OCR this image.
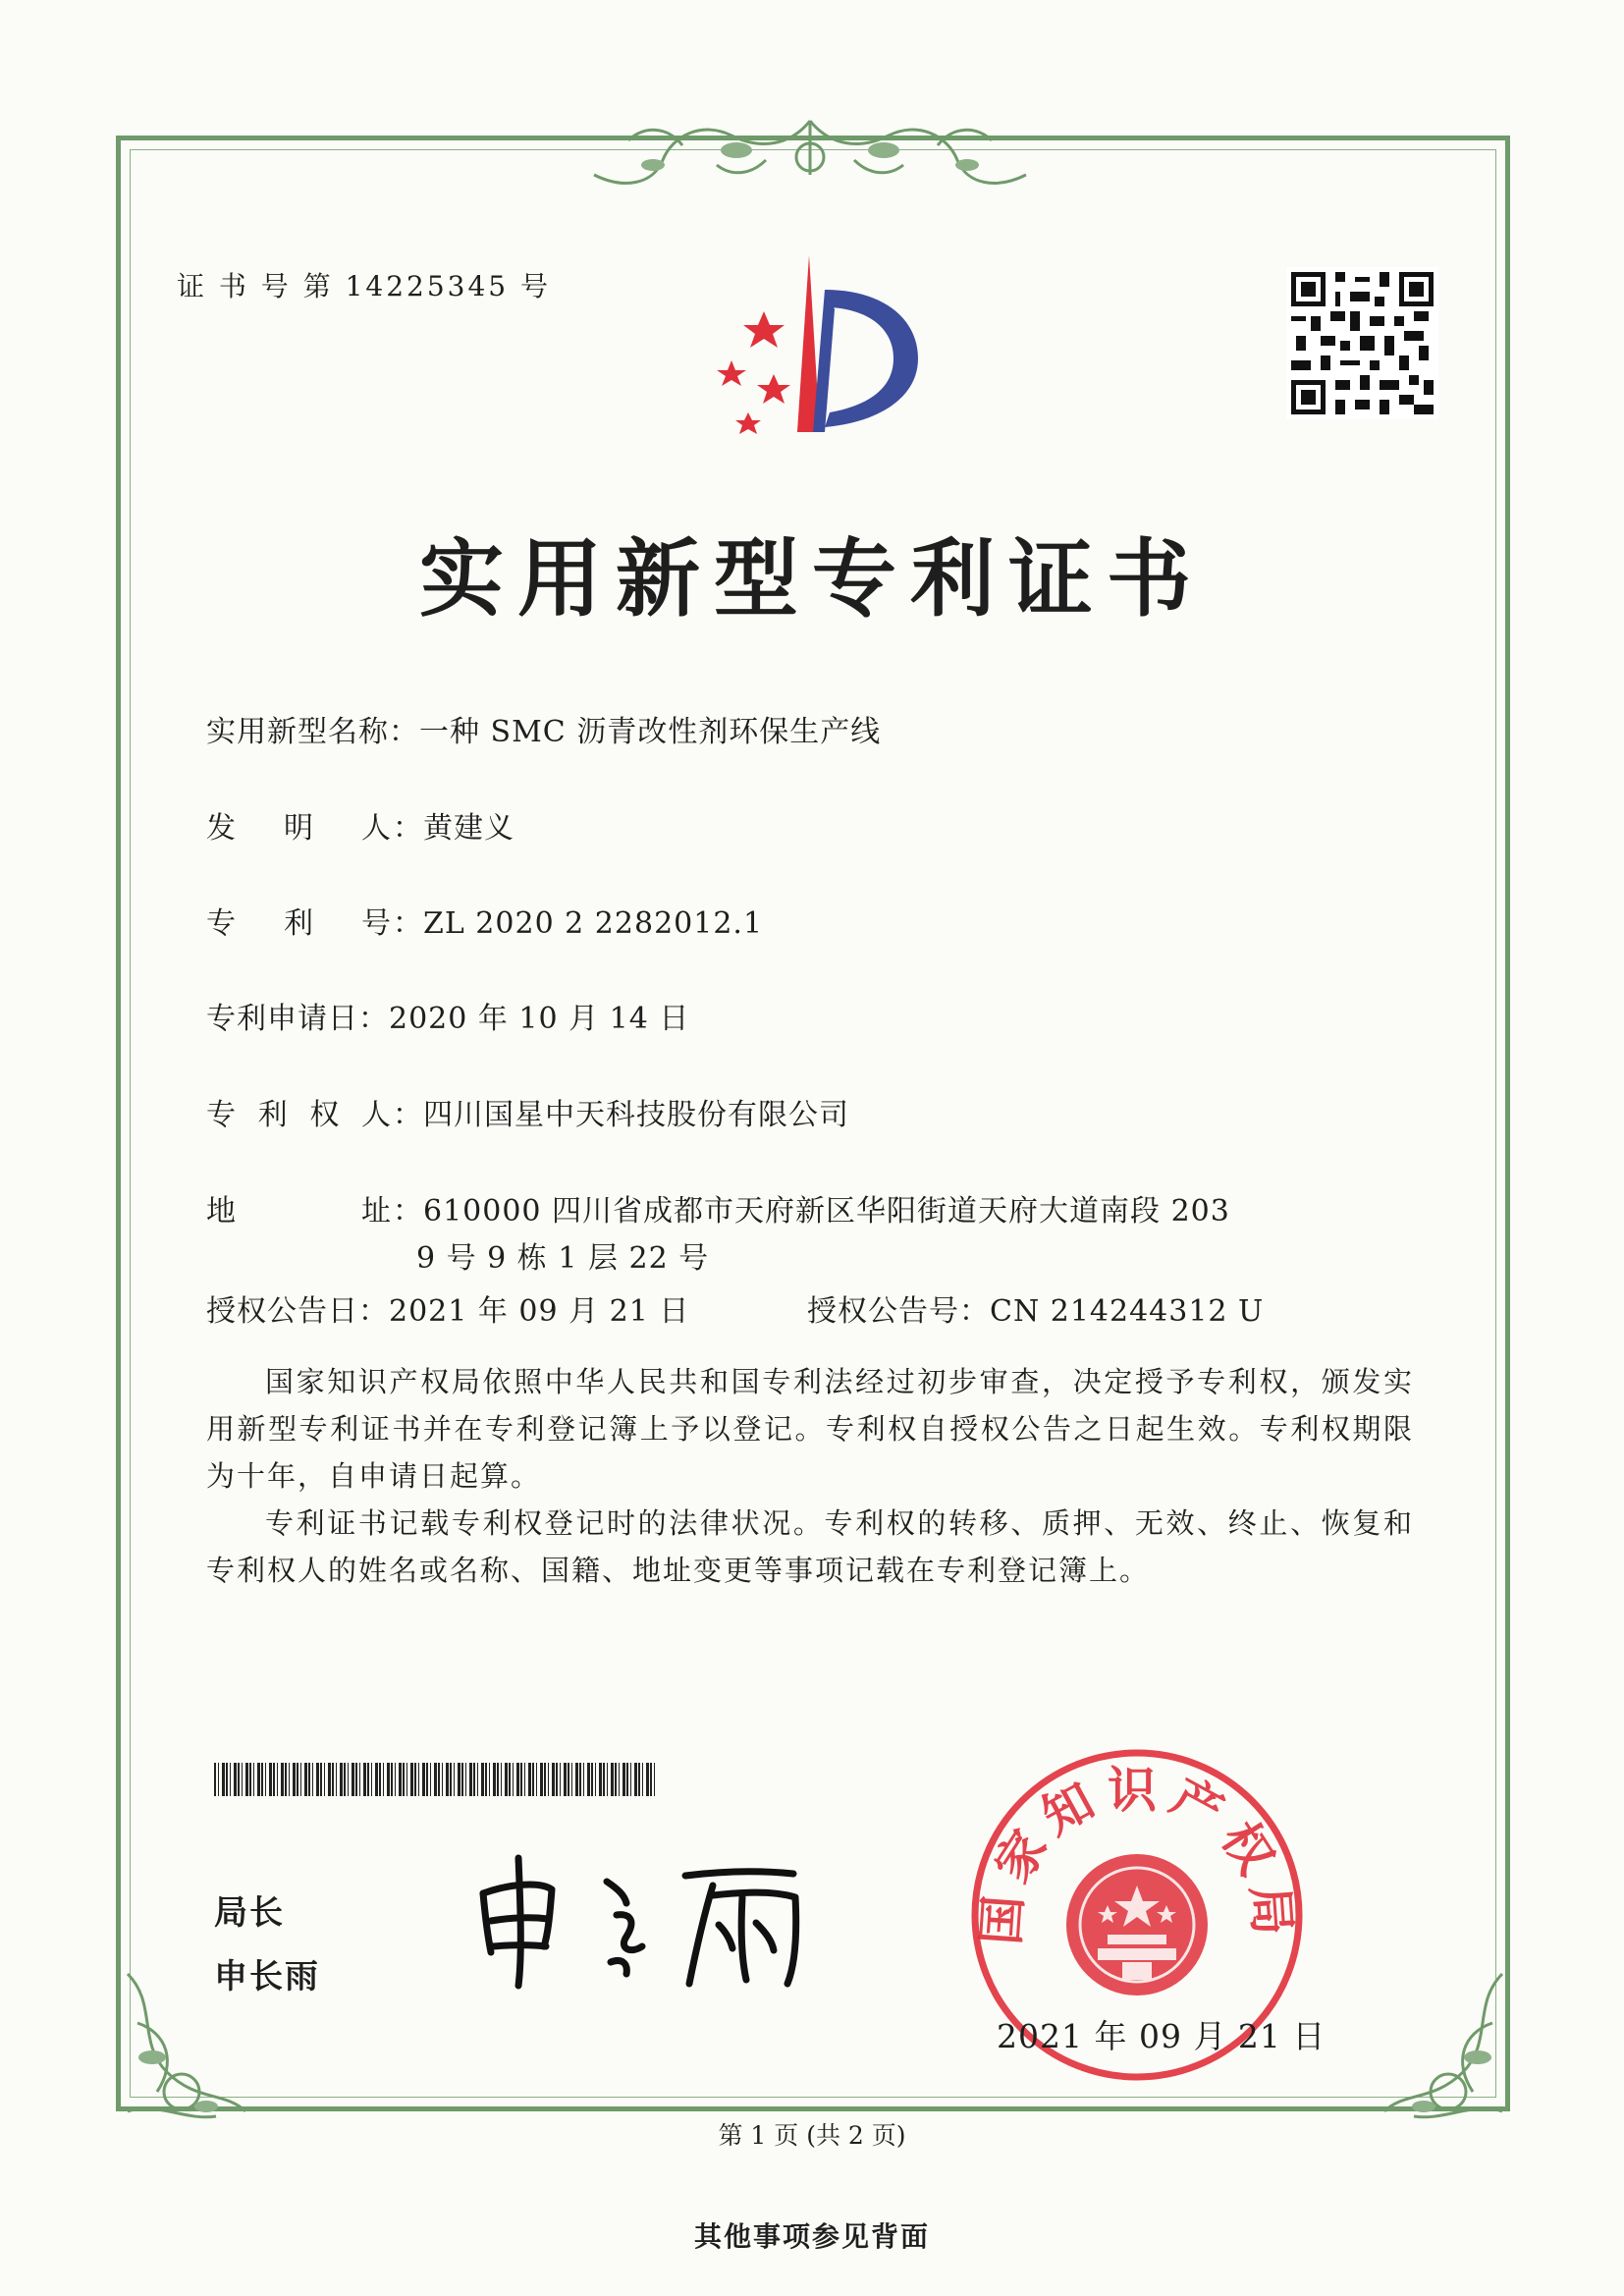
证 书 号 第 14225345 号
实用新型专利证书
实用新型名称：一种 SMC 沥青改性剂环保生产线
发 明 人 ：黄建义
专 利 号 ：ZL 2020 2 2282012.1
专利申请日：2020 年 10 月 14 日
专 利 权 人 ：四川国星中天科技股份有限公司
地	址 ：610000 四川省成都市天府新区华阳街道天府大道南段 203
9 号 9 栋 1 层 22 号
授权公告日：2021 年 09 月 21 日	授权公告号：CN 214244312 U
国家知识产权局依照中华人民共和国专利法经过初步审查，决定授予专利权，颁发实用新型专利证书并在专利登记簿上予以登记。专利权自授权公告之日起生效。专利权期限为十年，自申请日起算。
专利证书记载专利权登记时的法律状况。专利权的转移、质押、无效、终止、恢复和专利权人的姓名或名称、国籍、地址变更等事项记载在专利登记簿上。
局长
申长雨
国家知识产权局
2021 年 09 月 21 日
第 1 页 (共 2 页)
其他事项参见背面
